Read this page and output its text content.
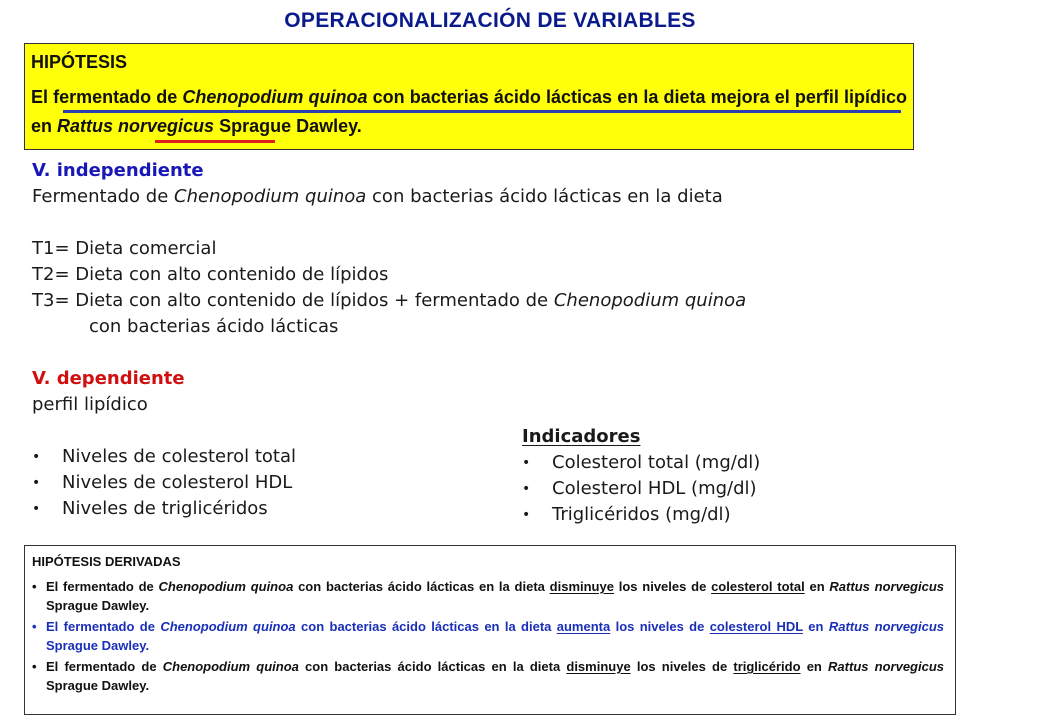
OPERACIONALIZACIÓN DE VARIABLES
HIPÓTESIS
El fermentado de Chenopodium quinoa con bacterias ácido lácticas en la dieta mejora el perfil lipídico en Rattus norvegicus Sprague Dawley.
V. independiente
Fermentado de Chenopodium quinoa con bacterias ácido lácticas en la dieta
T1= Dieta comercial
T2= Dieta con alto contenido de lípidos
T3= Dieta con alto contenido de lípidos + fermentado de Chenopodium quinoa
con bacterias ácido lácticas
V. dependiente
perfil lipídico
• Niveles de colesterol total
• Niveles de colesterol HDL
• Niveles de triglicéridos
Indicadores
• Colesterol total (mg/dl)
• Colesterol HDL (mg/dl)
• Triglicéridos (mg/dl)
HIPÓTESIS DERIVADAS
• El fermentado de Chenopodium quinoa con bacterias ácido lácticas en la dieta disminuye los niveles de colesterol total en Rattus norvegicus Sprague Dawley.
• El fermentado de Chenopodium quinoa con bacterias ácido lácticas en la dieta aumenta los niveles de colesterol HDL en Rattus norvegicus Sprague Dawley.
• El fermentado de Chenopodium quinoa con bacterias ácido lácticas en la dieta disminuye los niveles de triglicérido en Rattus norvegicus Sprague Dawley.
